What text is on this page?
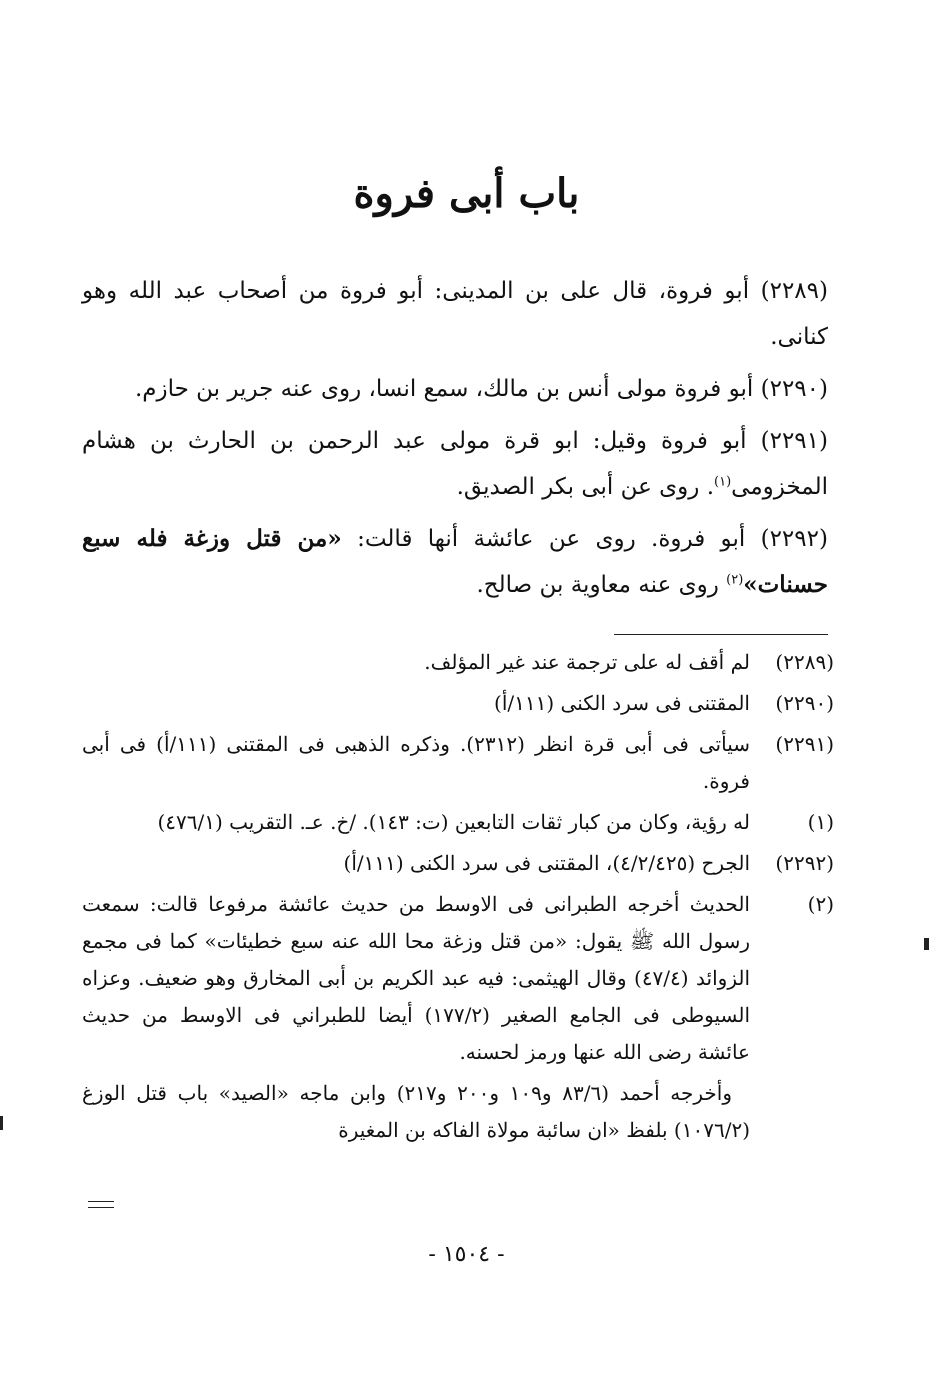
باب أبى فروة

(٢٢٨٩) أبو فروة، قال على بن المدينى: أبو فروة من أصحاب عبد الله وهو كنانى.

(٢٢٩٠) أبو فروة مولى أنس بن مالك، سمع انسا، روى عنه جرير بن حازم.

(٢٢٩١) أبو فروة وقيل: ابو قرة مولى عبد الرحمن بن الحارث بن هشام المخزومى$^{(١)}$. روى عن أبى بكر الصديق.

(٢٢٩٢) أبو فروة. روى عن عائشة أنها قالت: «من قتل وزغة فله سبع حسنات»$^{(٢)}$ روى عنه معاوية بن صالح.

(٢٢٨٩)
لم أقف له على ترجمة عند غير المؤلف.
(٢٢٩٠)
المقتنى فى سرد الكنى (١١١/أ)
(٢٢٩١)
سيأتى فى أبى قرة انظر (٢٣١٢). وذكره الذهبى فى المقتنى (١١١/أ) فى أبى فروة.
(١)
له رؤية، وكان من كبار ثقات التابعين (ت: ١٤٣). /خ. عـ. التقريب (٤٧٦/١)
(٢٢٩٢)
الجرح (٤/٢/٤٢٥)، المقتنى فى سرد الكنى (١١١/أ)
(٢)
الحديث أخرجه الطبرانى فى الاوسط من حديث عائشة مرفوعا قالت: سمعت رسول الله ﷺ يقول: «من قتل وزغة محا الله عنه سبع خطيئات» كما فى مجمع الزوائد (٤٧/٤) وقال الهيثمى: فيه عبد الكريم بن أبى المخارق وهو ضعيف. وعزاه السيوطى فى الجامع الصغير (١٧٧/٢) أيضا للطبراني فى الاوسط من حديث عائشة رضى الله عنها ورمز لحسنه.
وأخرجه أحمد (٨٣/٦ و١٠٩ و٢٠٠ و٢١٧) وابن ماجه «الصيد» باب قتل الوزغ (١٠٧٦/٢) بلفظ «ان سائبة مولاة الفاكه بن المغيرة
- ١٥٠٤ -
